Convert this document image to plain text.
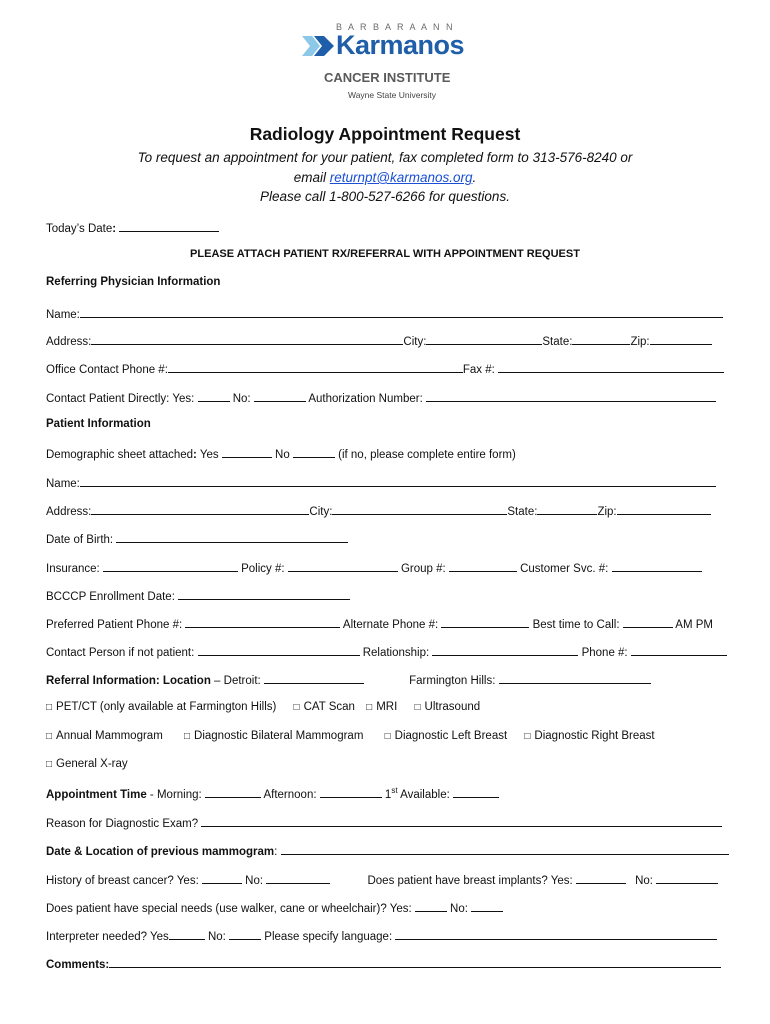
B A R B A R A A N N
Karmanos
CANCER INSTITUTE
Wayne State University
Radiology Appointment Request
To request an appointment for your patient, fax completed form to 313-576-8240 or
email returnpt@karmanos.org.
Please call 1-800-527-6266 for questions.
Today’s Date:
PLEASE ATTACH PATIENT RX/REFERRAL WITH APPOINTMENT REQUEST
Referring Physician Information
Name:
Address:	City:	State:	Zip:
Office Contact Phone #:	Fax #:
Contact Patient Directly: Yes:	No:	Authorization Number:
Patient Information
Demographic sheet attached: Yes	No	(if no, please complete entire form)
Name:
Address:	City:	State:	Zip:
Date of Birth:
Insurance:	Policy #:	Group #:	Customer Svc. #:
BCCCP Enrollment Date:
Preferred Patient Phone #:	Alternate Phone #:	Best time to Call:	AM PM
Contact Person if not patient:	Relationship:	Phone #:
Referral Information: Location – Detroit:	Farmington Hills:
□ PET/CT (only available at Farmington Hills) □ CAT Scan □ MRI □ Ultrasound
□ Annual Mammogram □ Diagnostic Bilateral Mammogram □ Diagnostic Left Breast □ Diagnostic Right Breast
□ General X-ray
Appointment Time - Morning:	Afternoon:	1st Available:
Reason for Diagnostic Exam?
Date & Location of previous mammogram:
History of breast cancer? Yes:	No:	Does patient have breast implants? Yes:	No:
Does patient have special needs (use walker, cane or wheelchair)? Yes:	No:
Interpreter needed? Yes	No:	Please specify language:
Comments:
